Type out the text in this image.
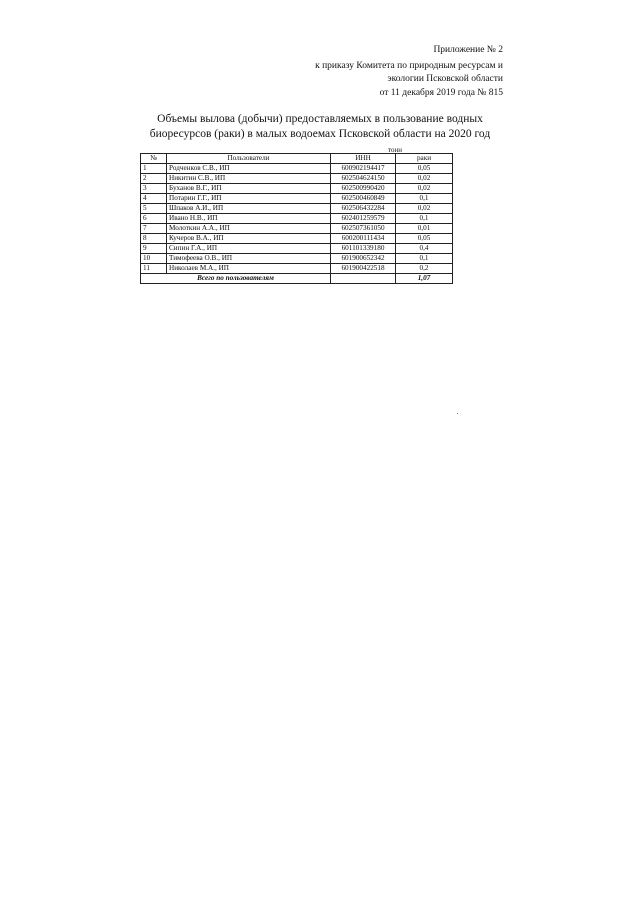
Приложение № 2
к приказу Комитета по природным ресурсам и
экологии Псковской области
от 11 декабря 2019 года № 815
Объемы вылова (добычи) предоставляемых в пользование водных
биоресурсов (раки) в малых водоемах Псковской области на 2020 год
тонн
№	Пользователи	ИНН	раки
1	Родченков С.В., ИП	600902194417	0,05
2	Никитин С.В., ИП	602504624150	0,02
3	Буханов В.Г., ИП	602500990420	0,02
4	Потарин Г.Г., ИП	602500460849	0,1
5	Шпаков А.И., ИП	602506432284	0,02
6	Ивано Н.В., ИП	602401259579	0,1
7	Молоткин А.А., ИП	602507361050	0,01
8	Кучеров В.А., ИП	600200111434	0,05
9	Сипин Г.А., ИП	601101339180	0,4
10	Тимофеева О.В., ИП	601900652342	0,1
11	Николаев М.А., ИП	601900422518	0,2
Всего по пользователям			1,07
